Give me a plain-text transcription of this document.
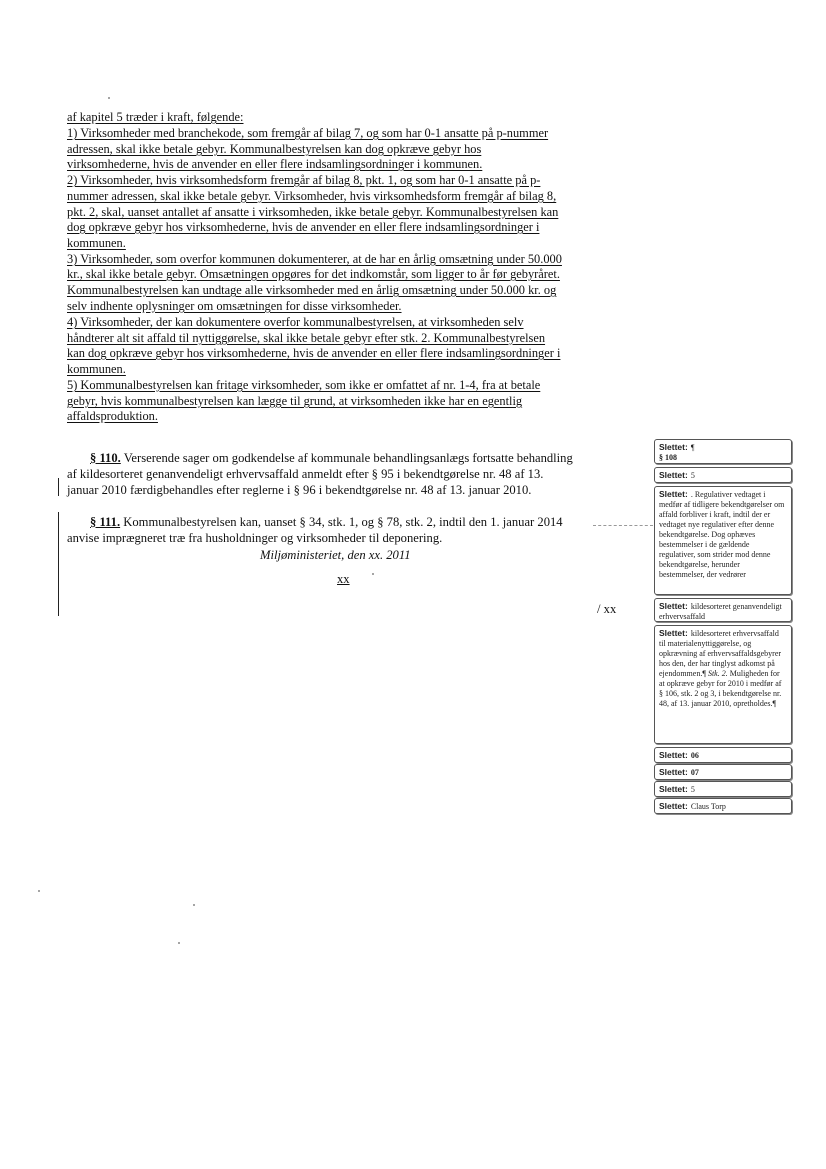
af kapitel 5 træder i kraft, følgende:
1) Virksomheder med branchekode, som fremgår af bilag 7, og som har 0-1 ansatte på p-nummer
adressen, skal ikke betale gebyr. Kommunalbestyrelsen kan dog opkræve gebyr hos
virksomhederne, hvis de anvender en eller flere indsamlingsordninger i kommunen.
2) Virksomheder, hvis virksomhedsform fremgår af bilag 8, pkt. 1, og som har 0-1 ansatte på p-
nummer adressen, skal ikke betale gebyr. Virksomheder, hvis virksomhedsform fremgår af bilag 8,
pkt. 2, skal, uanset antallet af ansatte i virksomheden, ikke betale gebyr. Kommunalbestyrelsen kan
dog opkræve gebyr hos virksomhederne, hvis de anvender en eller flere indsamlingsordninger i
kommunen.
3) Virksomheder, som overfor kommunen dokumenterer, at de har en årlig omsætning under 50.000
kr., skal ikke betale gebyr. Omsætningen opgøres for det indkomstår, som ligger to år før gebyråret.
Kommunalbestyrelsen kan undtage alle virksomheder med en årlig omsætning under 50.000 kr. og
selv indhente oplysninger om omsætningen for disse virksomheder.
4) Virksomheder, der kan dokumentere overfor kommunalbestyrelsen, at virksomheden selv
håndterer alt sit affald til nyttiggørelse, skal ikke betale gebyr efter stk. 2. Kommunalbestyrelsen
kan dog opkræve gebyr hos virksomhederne, hvis de anvender en eller flere indsamlingsordninger i
kommunen.
5) Kommunalbestyrelsen kan fritage virksomheder, som ikke er omfattet af nr. 1-4, fra at betale
gebyr, hvis kommunalbestyrelsen kan lægge til grund, at virksomheden ikke har en egentlig
affaldsproduktion.
§ 110. Verserende sager om godkendelse af kommunale behandlingsanlægs fortsatte behandling
af kildesorteret genanvendeligt erhvervsaffald anmeldt efter § 95 i bekendtgørelse nr. 48 af 13.
januar 2010 færdigbehandles efter reglerne i § 96 i bekendtgørelse nr. 48 af 13. januar 2010.
§ 111. Kommunalbestyrelsen kan, uanset § 34, stk. 1, og § 78, stk. 2, indtil den 1. januar 2014
anvise imprægneret træ fra husholdninger og virksomheder til deponering.
Miljøministeriet, den xx. 2011
xx
/ xx
Slettet: ¶
§ 108
Slettet: 5
Slettet: . Regulativer vedtaget i medfør af tidligere bekendtgørelser om affald forbliver i kraft, indtil der er vedtaget nye regulativer efter denne bekendtgørelse. Dog ophæves bestemmelser i de gældende regulativer, som strider mod denne bekendtgørelse, herunder bestemmelser, der vedrører
Slettet: kildesorteret genanvendeligt erhvervsaffald
Slettet: kildesorteret erhvervsaffald til materialenyttiggørelse, og opkrævning af erhvervsaffaldsgebyrer hos den, der har tinglyst adkomst på ejendommen.¶ Stk. 2. Muligheden for at opkræve gebyr for 2010 i medfør af § 106, stk. 2 og 3, i bekendtgørelse nr. 48, af 13. januar 2010, opretholdes.¶
Slettet: 06
Slettet: 07
Slettet: 5
Slettet: Claus Torp
